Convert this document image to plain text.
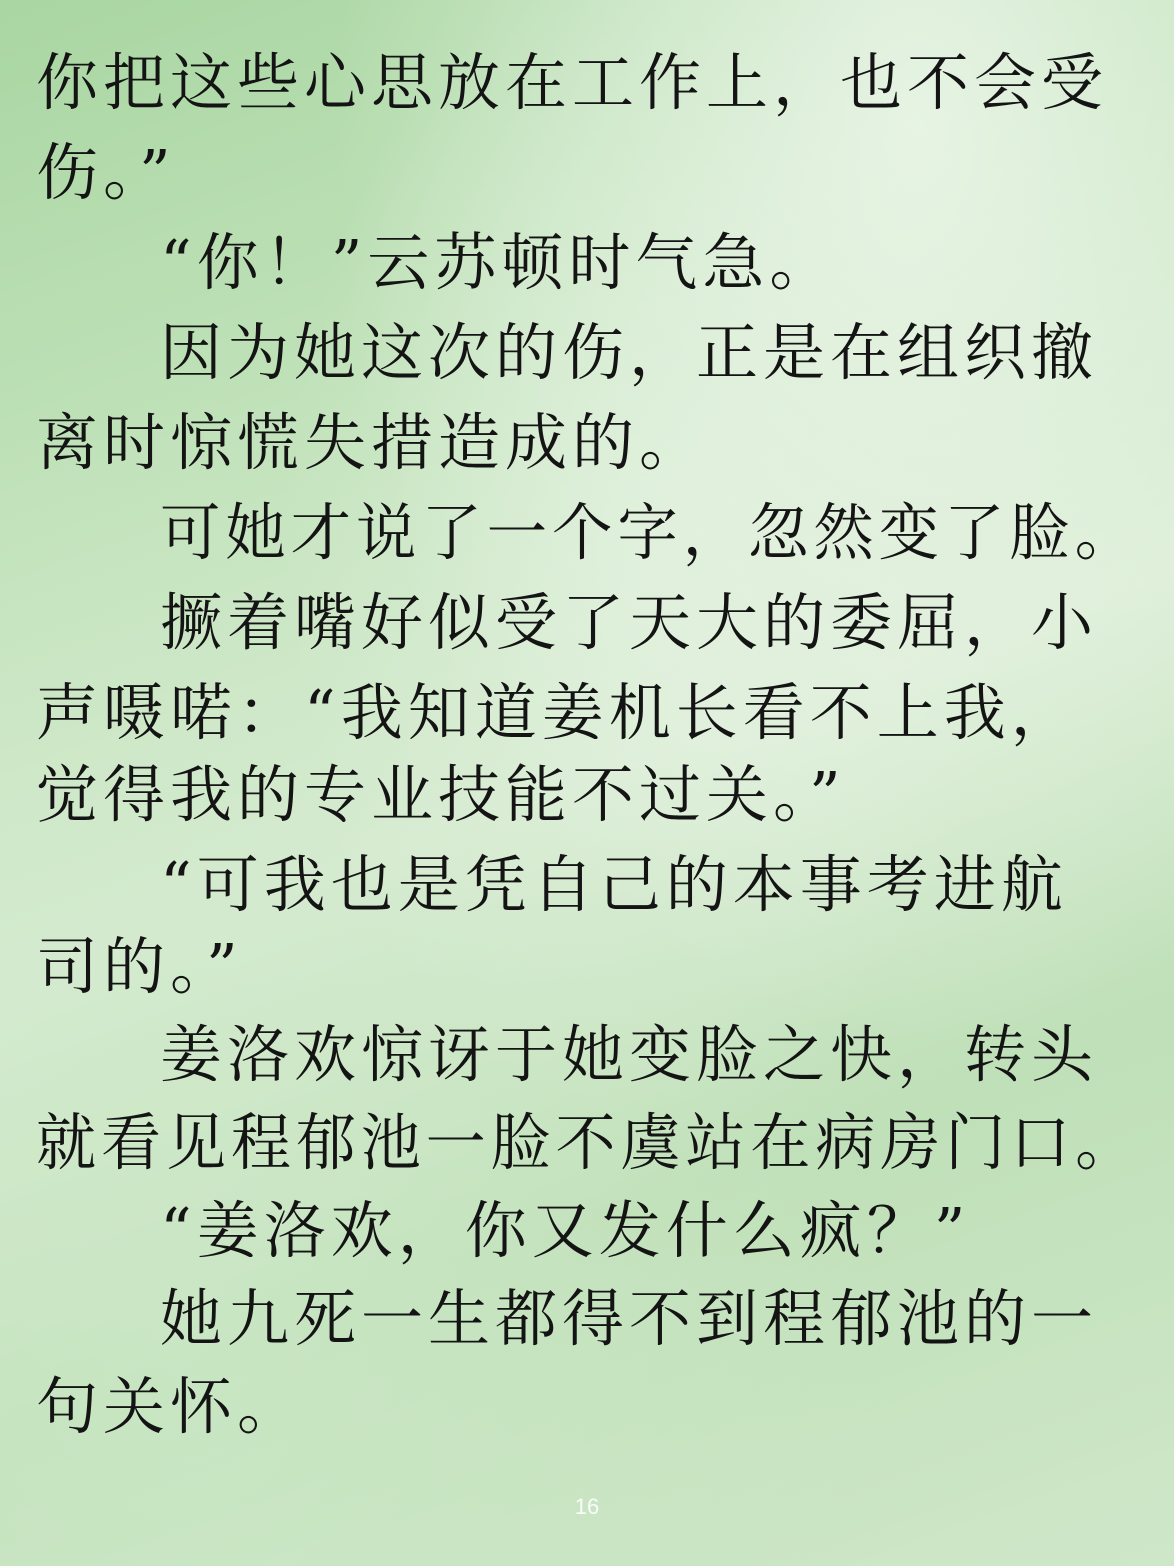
你把这些心思放在工作上，也不会受
伤。”
“你！”云苏顿时气急。
因为她这次的伤，正是在组织撤
离时惊慌失措造成的。
可她才说了一个字，忽然变了脸。
撅着嘴好似受了天大的委屈，小
声嗫喏：“我知道姜机长看不上我，
觉得我的专业技能不过关。”
“可我也是凭自己的本事考进航
司的。”
姜洛欢惊讶于她变脸之快，转头
就看见程郁池一脸不虞站在病房门口。
“姜洛欢，你又发什么疯？”
她九死一生都得不到程郁池的一
句关怀。
16
